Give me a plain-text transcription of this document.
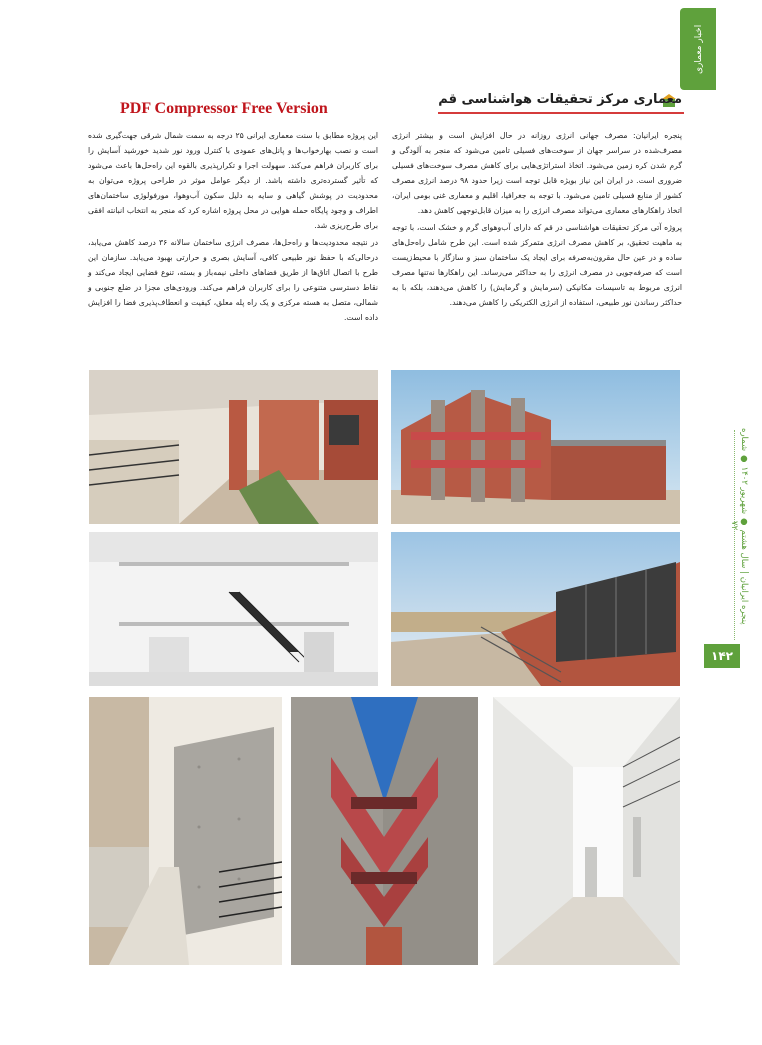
اخبار معماری
PDF Compressor Free Version
معماری مرکز تحقیقات هواشناسی قم

پنجره ایرانیان: مصرف جهانی انرژی روزانه در حال افزایش است و بیشتر انرژی مصرف‌شده در سراسر جهان از سوخت‌های فسیلی تامین می‌شود که منجر به آلودگی و گرم شدن کره زمین می‌شود. اتخاذ استراتژی‌هایی برای کاهش مصرف سوخت‌های فسیلی ضروری است. در ایران این نیاز بویژه قابل توجه است زیرا حدود ۹۸ درصد انرژی مصرف کشور از منابع فسیلی تامین می‌شود. با توجه به جغرافیا، اقلیم و معماری غنی بومی ایران، اتخاذ راهکارهای معماری می‌تواند مصرف انرژی را به میزان قابل‌توجهی کاهش دهد.

پروژه آتی مرکز تحقیقات هواشناسی در قم که دارای آب‌وهوای گرم و خشک است، با توجه به ماهیت تحقیق، بر کاهش مصرف انرژی متمرکز شده است. این طرح شامل راه‌حل‌های ساده و در عین حال مقرون‌به‌صرفه برای ایجاد یک ساختمان سبز و سازگار با محیط‌زیست است که صرفه‌جویی در مصرف انرژی را به حداکثر می‌رساند. این راهکارها نه‌تنها مصرف انرژی مربوط به تاسیسات مکانیکی (سرمایش و گرمایش) را کاهش می‌دهند، بلکه با به حداکثر رساندن نور طبیعی، استفاده از انرژی الکتریکی را کاهش می‌دهند.

این پروژه مطابق با سنت معماری ایرانی ۲۵ درجه به سمت شمال شرقی جهت‌گیری شده است و نصب بهارخواب‌ها و پانل‌های عمودی با کنترل ورود نور شدید خورشید آسایش را برای کاربران فراهم می‌کند. سهولت اجرا و تکرارپذیری بالقوه این راه‌حل‌ها باعث می‌شود که تأثیر گسترده‌تری داشته باشد. از دیگر عوامل موثر در طراحی پروژه می‌توان به محدودیت در پوشش گیاهی و سایه به دلیل سکون آب‌وهوا، مورفولوژی ساختمان‌های اطراف و وجود پایگاه حمله هوایی در محل پروژه اشاره کرد که منجر به انتخاب انبانته افقی برای طرح‌ریزی شد.

در نتیجه محدودیت‌ها و راه‌حل‌ها، مصرف انرژی ساختمان سالانه ۳۶ درصد کاهش می‌یابد، درحالی‌که با حفظ نور طبیعی کافی، آسایش بصری و حرارتی بهبود می‌یابد. سازمان این طرح با اتصال اتاق‌ها از طریق فضاهای داخلی نیمه‌باز و بسته، تنوع فضایی ایجاد می‌کند و نقاط دسترسی متنوعی را برای کاربران فراهم می‌کند. ورودی‌های مجزا در ضلع جنوبی و شمالی، متصل به هسته مرکزی و یک راه پله معلق، کیفیت و انعطاف‌پذیری فضا را افزایش داده است.

پنجره ایرانیان | سال هشتم ● شهریور ۱۴۰۲ ● شماره ۷۲
۱۴۲
